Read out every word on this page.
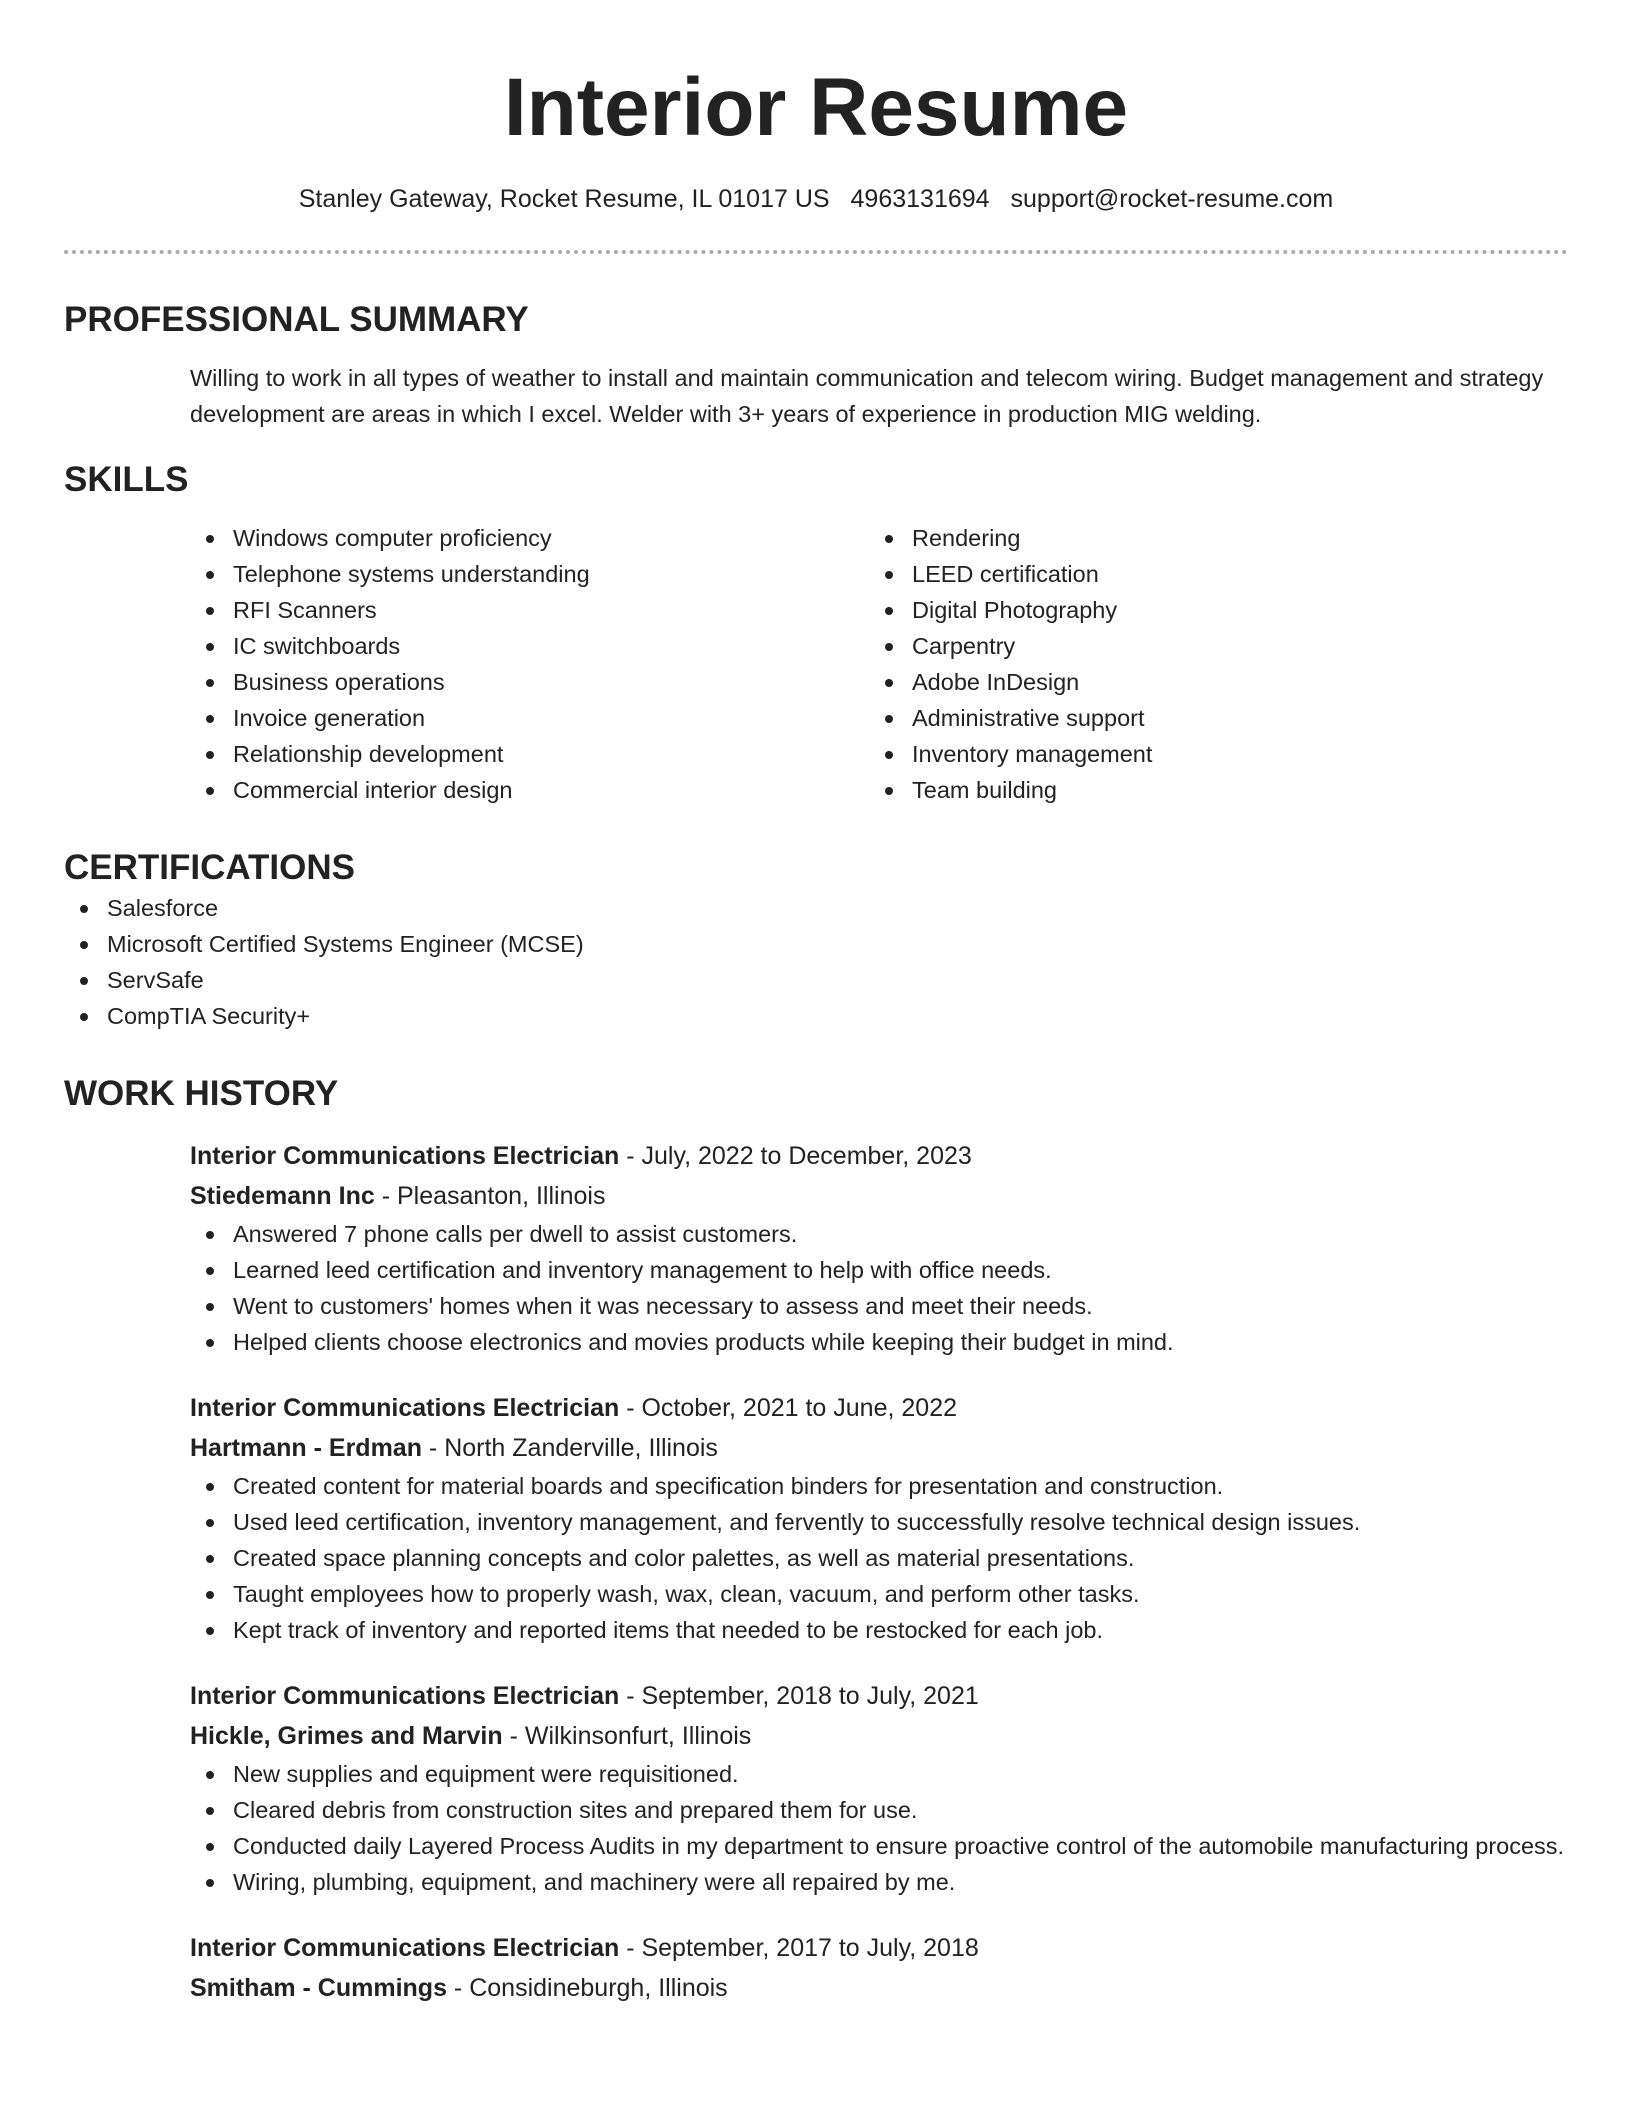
Interior Resume
Stanley Gateway, Rocket Resume, IL 01017 US 4963131694 support@rocket-resume.com
PROFESSIONAL SUMMARY

Willing to work in all types of weather to install and maintain communication and telecom wiring. Budget management and strategy development are areas in which I excel. Welder with 3+ years of experience in production MIG welding.

SKILLS
Windows computer proficiency
Telephone systems understanding
RFI Scanners
IC switchboards
Business operations
Invoice generation
Relationship development
Commercial interior design
Rendering
LEED certification
Digital Photography
Carpentry
Adobe InDesign
Administrative support
Inventory management
Team building
CERTIFICATIONS
Salesforce
Microsoft Certified Systems Engineer (MCSE)
ServSafe
CompTIA Security+
WORK HISTORY
Interior Communications Electrician - July, 2022 to December, 2023
Stiedemann Inc - Pleasanton, Illinois
Answered 7 phone calls per dwell to assist customers.
Learned leed certification and inventory management to help with office needs.
Went to customers' homes when it was necessary to assess and meet their needs.
Helped clients choose electronics and movies products while keeping their budget in mind.
Interior Communications Electrician - October, 2021 to June, 2022
Hartmann - Erdman - North Zanderville, Illinois
Created content for material boards and specification binders for presentation and construction.
Used leed certification, inventory management, and fervently to successfully resolve technical design issues.
Created space planning concepts and color palettes, as well as material presentations.
Taught employees how to properly wash, wax, clean, vacuum, and perform other tasks.
Kept track of inventory and reported items that needed to be restocked for each job.
Interior Communications Electrician - September, 2018 to July, 2021
Hickle, Grimes and Marvin - Wilkinsonfurt, Illinois
New supplies and equipment were requisitioned.
Cleared debris from construction sites and prepared them for use.
Conducted daily Layered Process Audits in my department to ensure proactive control of the automobile manufacturing process.
Wiring, plumbing, equipment, and machinery were all repaired by me.
Interior Communications Electrician - September, 2017 to July, 2018
Smitham - Cummings - Considineburgh, Illinois
